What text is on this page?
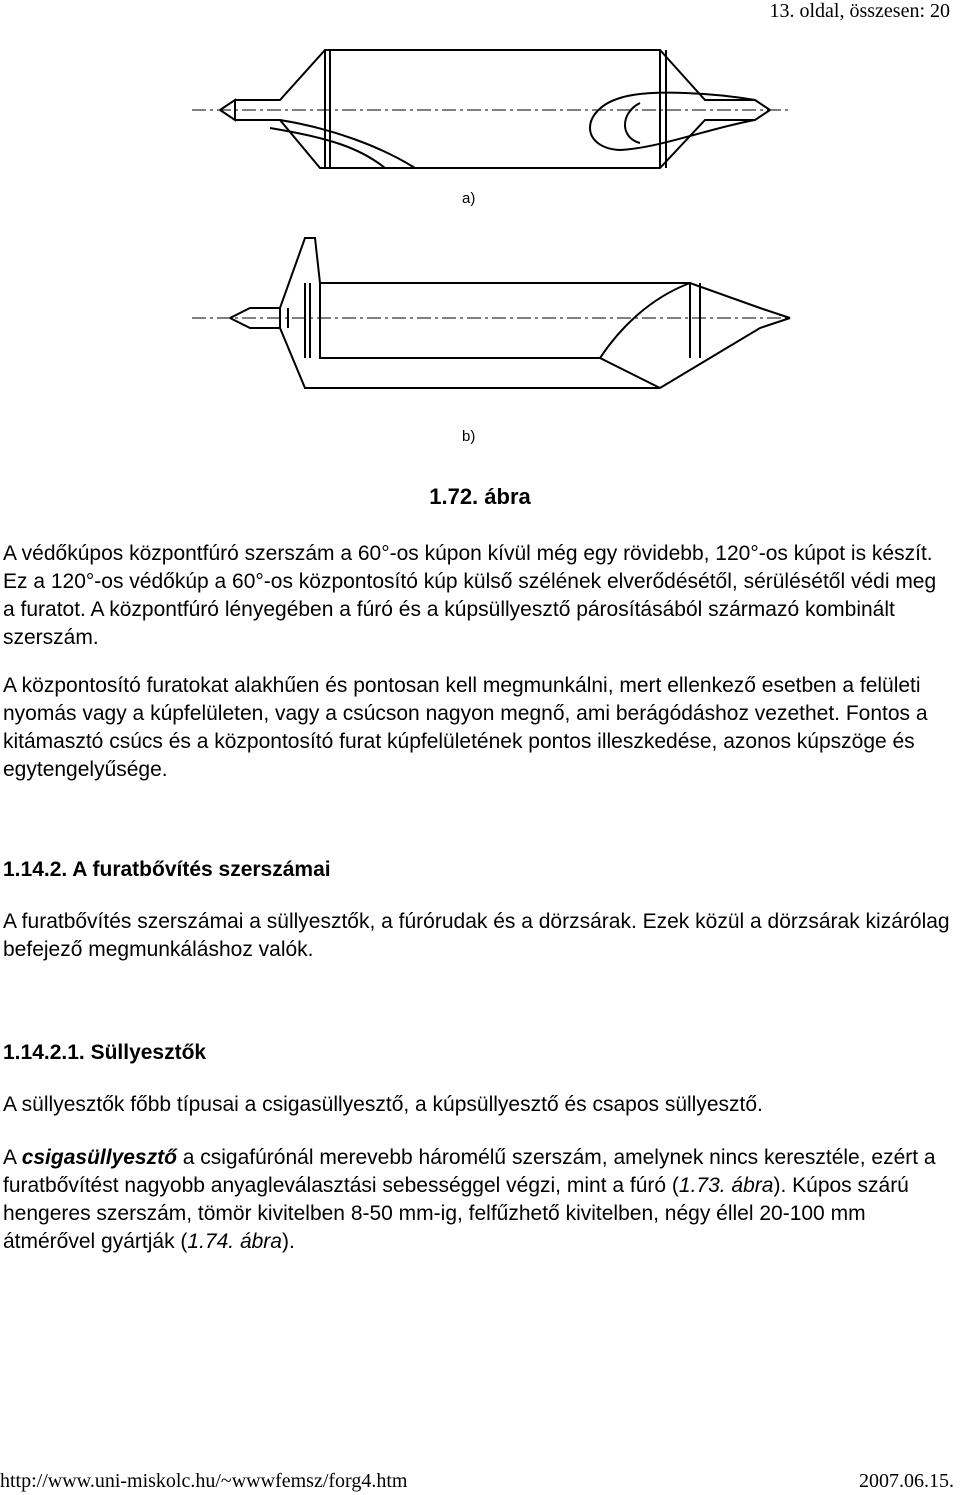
13. oldal, összesen: 20
a)
b)
1.72. ábra

A védőkúpos központfúró szerszám a 60°-os kúpon kívül még egy rövidebb, 120°-os kúpot is készít. Ez a 120°-os védőkúp a 60°-os központosító kúp külső szélének elverődésétől, sérülésétől védi meg a furatot. A központfúró lényegében a fúró és a kúpsüllyesztő párosításából származó kombinált szerszám.

A központosító furatokat alakhűen és pontosan kell megmunkálni, mert ellenkező esetben a felületi nyomás vagy a kúpfelületen, vagy a csúcson nagyon megnő, ami berágódáshoz vezethet. Fontos a kitámasztó csúcs és a központosító furat kúpfelületének pontos illeszkedése, azonos kúpszöge és egytengelyűsége.

1.14.2. A furatbővítés szerszámai

A furatbővítés szerszámai a süllyesztők, a fúrórudak és a dörzsárak. Ezek közül a dörzsárak kizárólag befejező megmunkáláshoz valók.

1.14.2.1. Süllyesztők

A süllyesztők főbb típusai a csigasüllyesztő, a kúpsüllyesztő és csapos süllyesztő.

A csigasüllyesztő a csigafúrónál merevebb háromélű szerszám, amelynek nincs keresztéle, ezért a furatbővítést nagyobb anyagleválasztási sebességgel végzi, mint a fúró (1.73. ábra). Kúpos szárú hengeres szerszám, tömör kivitelben 8-50 mm-ig, felfűzhető kivitelben, négy éllel 20-100 mm átmérővel gyártják (1.74. ábra).

http://www.uni-miskolc.hu/~wwwfemsz/forg4.htm	2007.06.15.
